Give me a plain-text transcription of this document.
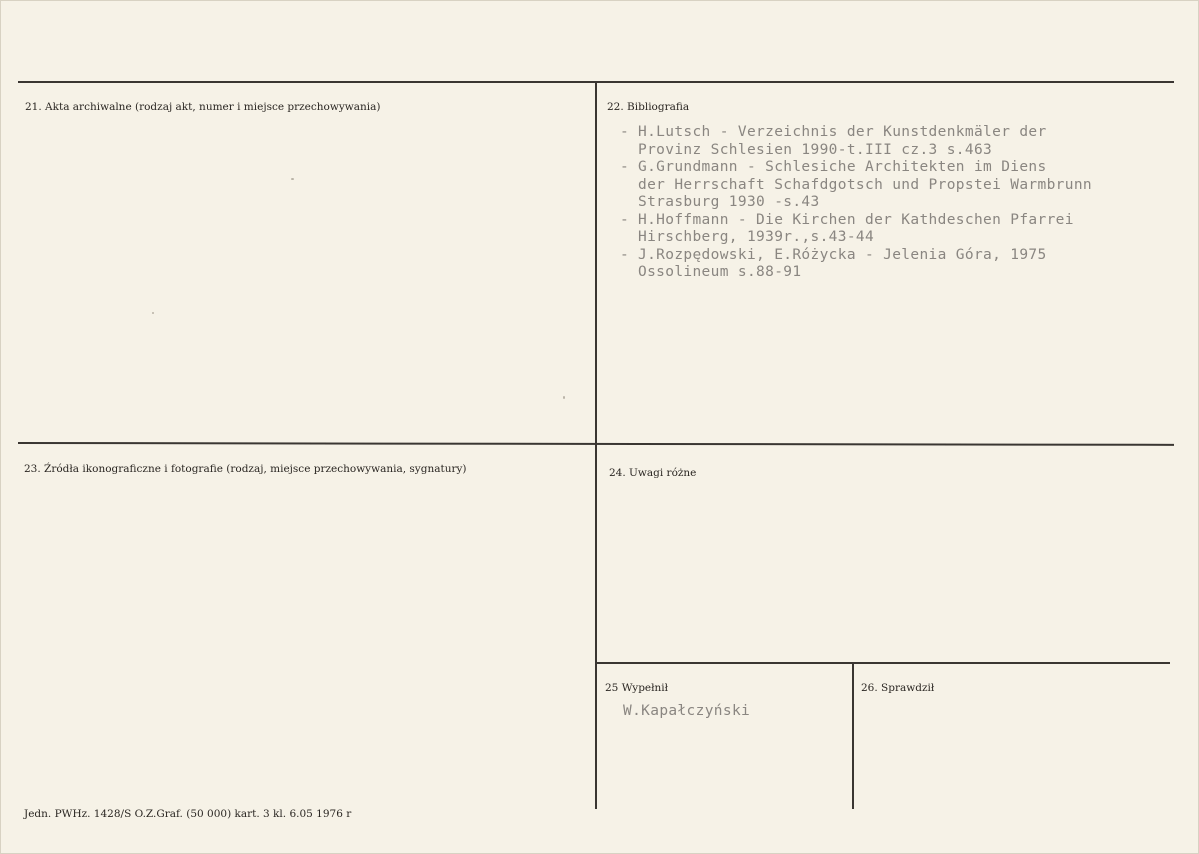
21. Akta archiwalne (rodzaj akt, numer i miejsce przechowywania)	22. Bibliografia
- H.Lutsch - Verzeichnis der Kunstdenkmäler der
Provinz Schlesien 1990-t.III cz.3 s.463
- G.Grundmann - Schlesiche Architekten im Diens
der Herrschaft Schafdgotsch und Propstei Warmbrunn
Strasburg 1930 -s.43
- H.Hoffmann - Die Kirchen der Kathdeschen Pfarrei
Hirschberg, 1939r.,s.43-44
- J.Rozpędowski, E.Różycka - Jelenia Góra, 1975
Ossolineum s.88-91
23. Źródła ikonograficzne i fotografie (rodzaj, miejsce przechowywania, sygnatury)	24. Uwagi różne
25 Wypełnił
W.Kapałczyński
26. Sprawdził
Jedn. PWHz. 1428/S O.Z.Graf. (50 000) kart. 3 kl. 6.05 1976 r
